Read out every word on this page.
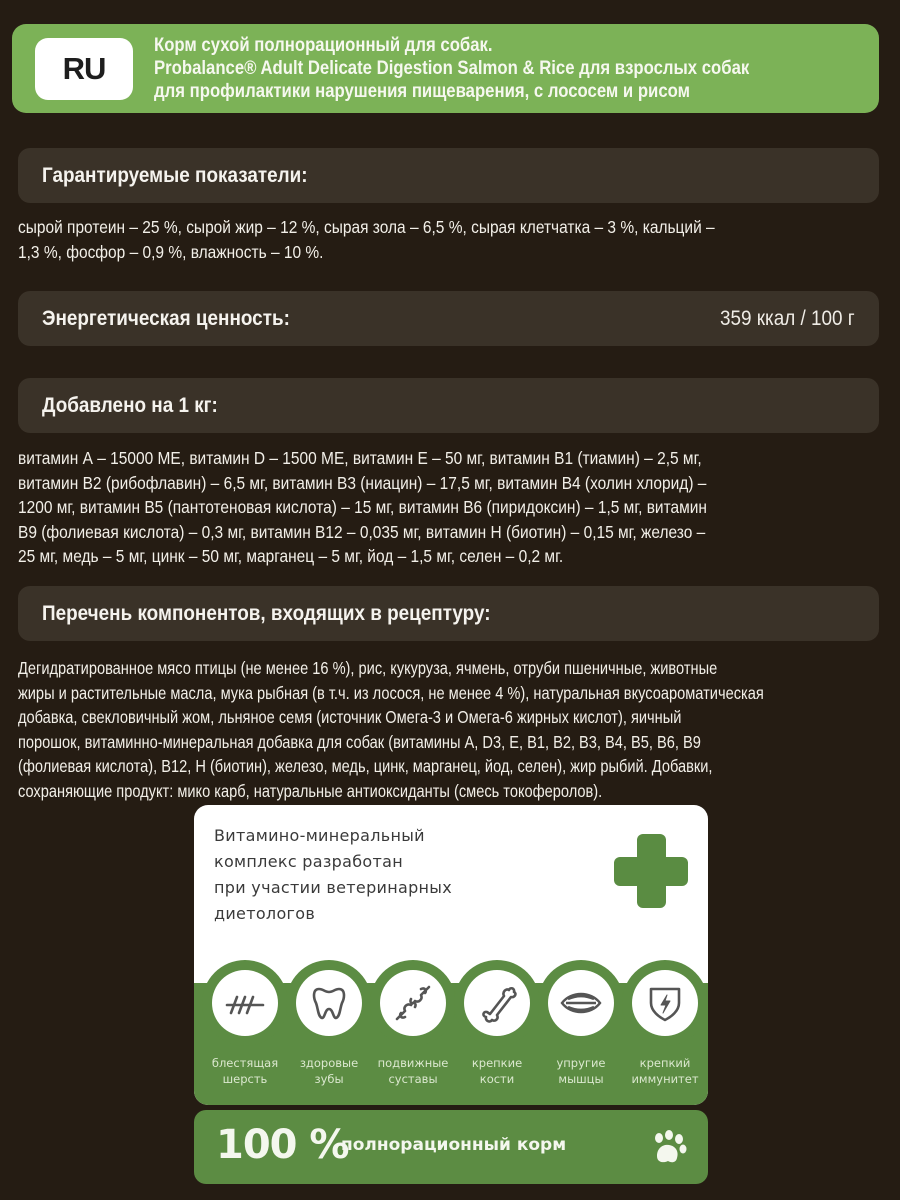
RU
Корм сухой полнорационный для собак.
Probalance® Adult Delicate Digestion Salmon & Rice для взрослых собак
для профилактики нарушения пищеварения, с лососем и рисом
Гарантируемые показатели:
сырой протеин – 25 %, сырой жир – 12 %, сырая зола – 6,5 %, сырая клетчатка – 3 %, кальций –
1,3 %, фосфор – 0,9 %, влажность – 10 %.
Энергетическая ценность:	359 ккал / 100 г
Добавлено на 1 кг:
витамин А – 15000 МЕ, витамин D – 1500 МЕ, витамин Е – 50 мг, витамин В1 (тиамин) – 2,5 мг,
витамин В2 (рибофлавин) – 6,5 мг, витамин В3 (ниацин) – 17,5 мг, витамин В4 (холин хлорид) –
1200 мг, витамин В5 (пантотеновая кислота) – 15 мг, витамин В6 (пиридоксин) – 1,5 мг, витамин
В9 (фолиевая кислота) – 0,3 мг, витамин В12 – 0,035 мг, витамин Н (биотин) – 0,15 мг, железо –
25 мг, медь – 5 мг, цинк – 50 мг, марганец – 5 мг, йод – 1,5 мг, селен – 0,2 мг.
Перечень компонентов, входящих в рецептуру:
Дегидратированное мясо птицы (не менее 16 %), рис, кукуруза, ячмень, отруби пшеничные, животные
жиры и растительные масла, мука рыбная (в т.ч. из лосося, не менее 4 %), натуральная вкусоароматическая
добавка, свекловичный жом, льняное семя (источник Омега-3 и Омега-6 жирных кислот), яичный
порошок, витаминно-минеральная добавка для собак (витамины А, D3, Е, В1, В2, В3, В4, В5, В6, В9
(фолиевая кислота), В12, Н (биотин), железо, медь, цинк, марганец, йод, селен), жир рыбий. Добавки,
сохраняющие продукт: мико карб, натуральные антиоксиданты (смесь токоферолов).
Витамино-минеральный
комплекс разработан
при участии ветеринарных
диетологов
блестящая
шерсть
здоровые
зубы
подвижные
суставы
крепкие
кости
упругие
мышцы
крепкий
иммунитет
100 %
полнорационный корм
